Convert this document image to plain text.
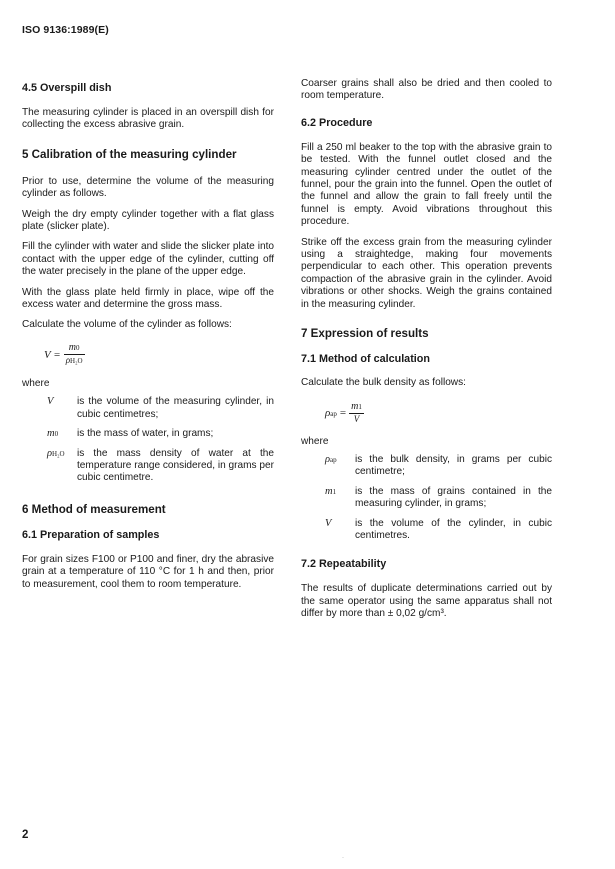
ISO 9136:1989(E)
4.5 Overspill dish

The measuring cylinder is placed in an overspill dish for collecting the excess abrasive grain.

5 Calibration of the measuring cylinder

Prior to use, determine the volume of the measuring cylinder as follows.

Weigh the dry empty cylinder together with a flat glass plate (slicker plate).

Fill the cylinder with water and slide the slicker plate into contact with the upper edge of the cylinder, cutting off the water precisely in the plane of the upper edge.

With the glass plate held firmly in place, wipe off the excess water and determine the gross mass.

Calculate the volume of the cylinder as follows:

$V = \frac{m0}{\text{ρH₂O}}$

where

V	is the volume of the measuring cylinder, in cubic centimetres;
m0	is the mass of water, in grams;
ρH₂O	is the mass density of water at the temperature range considered, in grams per cubic centimetre.
6 Method of measurement
6.1 Preparation of samples

For grain sizes F100 or P100 and finer, dry the abrasive grain at a temperature of 110 °C for 1 h and then, prior to measurement, cool them to room temperature.

Coarser grains shall also be dried and then cooled to room temperature.

6.2 Procedure

Fill a 250 ml beaker to the top with the abrasive grain to be tested. With the funnel outlet closed and the measuring cylinder centred under the outlet of the funnel, pour the grain into the funnel. Open the outlet of the funnel and allow the grain to fall freely until the funnel is empty. Avoid vibrations throughout this procedure.

Strike off the excess grain from the measuring cylinder using a straightedge, making four movements perpendicular to each other. This operation prevents compaction of the abrasive grain in the cylinder. Avoid vibrations or other shocks. Weigh the grains contained in the measuring cylinder.

7 Expression of results
7.1 Method of calculation

Calculate the bulk density as follows:

$\rho ap = \frac{m1}{V}$

where

ρap	is the bulk density, in grams per cubic centimetre;
m1	is the mass of grains contained in the measuring cylinder, in grams;
V	is the volume of the cylinder, in cubic centimetres.
7.2 Repeatability

The results of duplicate determinations carried out by the same operator using the same apparatus shall not differ by more than ± 0,02 g/cm³.

2
·
